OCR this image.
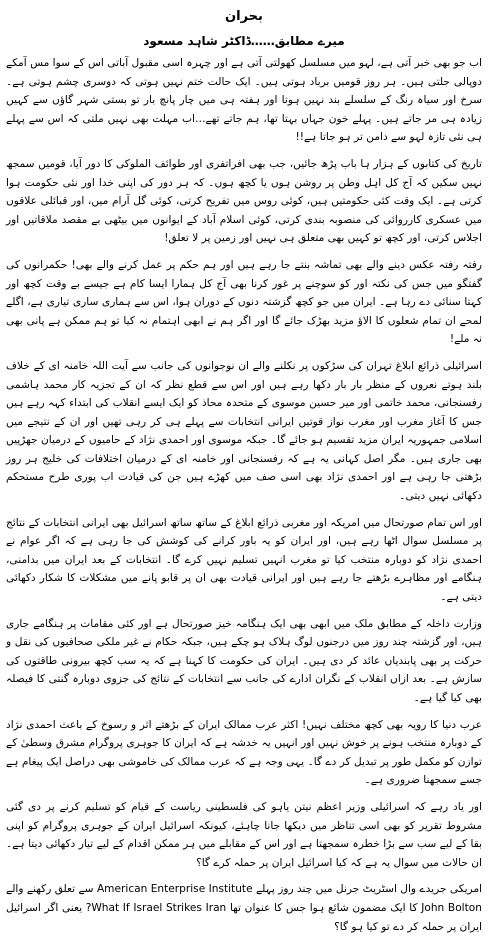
بحران
میرے مطابق……ڈاکٹر شاہد مسعود

اب جو بھی خبر آتی ہے، لہو میں مسلسل کھولتی آتی ہے اور چہرہ اسی مقبول آباتی اس کے سوا مس آمکے دوپالی جلتی ہیں۔ ہر روز قومیں برباد ہوتی ہیں۔ ایک حالت ختم نہیں ہوتی کہ دوسری چشم ہوتی ہے۔ سرخ اور سیاہ رنگ کے سلسلے بند نہیں ہوتا اور ہفتہ ہی میں چار پانچ بار تو بستی شہر گاؤں سے کہیں زیادہ ہی مر جاتے ہیں۔ پہلے خون جہاں بہتا تھا، ہم جاتے تھے…اب مہلت بھی نہیں ملتی کہ اس سے پہلے ہی نئی تازہ لہو سے دامن تر ہو جاتا ہے!!

تاریخ کی کتابوں کے ہزار ہا باب پڑھ جائیں، جب بھی افراتفری اور طوائف الملوکی کا دور آیا، قومیں سمجھ نہیں سکیں کہ آج کل اہل وطن پر روشن ہوں یا کچھ ہوں۔ کہ ہر دور کی اپنی خدا اور نئی حکومت ہوا کرتی ہے۔ ایک وقت کئی حکومتیں ہیں، کوئی روس میں تفریح کرتی، کوئی گل آرام میں، اور قبائلی علاقوں میں عسکری کارروائی کی منصوبہ بندی کرتی، کوئی اسلام آباد کے ایوانوں میں بیٹھی بے مقصد ملاقاتیں اور اجلاس کرتی، اور کچھ تو کہیں بھی متعلق ہی نہیں اور زمین پر لا تعلق!

رفتہ رفتہ عکس دینے والے بھی تماشہ بنتے جا رہے ہیں اور ہم حکم پر عمل کرنے والے بھی! حکمرانوں کی گفتگو میں جس کی نکتہ اور کو سوچنے پر غور کرنا بھی آج کل ہمارا ایسا کام ہے جیسے بے وقت کچھ اور کہتا سنائی دے رہا ہے۔ ایران میں جو کچھ گزشتہ دنوں کے دوران ہوا، اس سے ہماری ساری تیاری ہے، اگلے لمحے ان تمام شعلوں کا الاؤ مزید بھڑک جائے گا اور اگر ہم نے ابھی اہتمام نہ کیا تو ہم ممکن ہے پانی بھی نہ ملے!

اسرائیلی ذرائع ابلاغ تہران کی سڑکوں پر نکلنے والے ان نوجوانوں کی جانب سے آیت اللہ خامنہ ای کے خلاف بلند ہوتے نعروں کے منظر بار بار دکھا رہے ہیں اور اس سے قطع نظر کہ ان کے تجزیہ کار محمد ہاشمی رفسنجانی، محمد خاتمی اور میر حسین موسوی کے متحدہ محاذ کو ایک ایسے انقلاب کی ابتداء کہہ رہے ہیں جس کا آغاز مغرب اور مغرب نواز قوتیں ایرانی انتخابات سے پہلے ہی کر رہی تھیں اور ان کے نتیجے میں اسلامی جمہوریہ ایران مزید تقسیم ہو جائے گا۔ جبکہ موسوی اور احمدی نژاد کے حامیوں کے درمیان جھڑپیں بھی جاری ہیں۔ مگر اصل کہانی یہ ہے کہ رفسنجانی اور خامنہ ای کے درمیان اختلافات کی خلیج ہر روز بڑھتی جا رہی ہے اور احمدی نژاد بھی اسی صف میں کھڑے ہیں جن کی قیادت اب پوری طرح مستحکم دکھائی نہیں دیتی۔

اور اس تمام صورتحال میں امریکہ اور مغربی ذرائع ابلاغ کے ساتھ ساتھ اسرائیل بھی ایرانی انتخابات کے نتائج پر مسلسل سوال اٹھا رہے ہیں، اور ایران کو یہ باور کرانے کی کوشش کی جا رہی ہے کہ اگر عوام نے احمدی نژاد کو دوبارہ منتخب کیا تو مغرب انہیں تسلیم نہیں کرے گا۔ انتخابات کے بعد ایران میں بدامنی، ہنگامے اور مظاہرے بڑھتے جا رہے ہیں اور ایرانی قیادت بھی ان پر قابو پانے میں مشکلات کا شکار دکھائی دیتی ہے۔

وزارت داخلہ کے مطابق ملک میں ابھی بھی ایک ہنگامہ خیز صورتحال ہے اور کئی مقامات پر ہنگامے جاری ہیں، اور گزشتہ چند روز میں درجنوں لوگ ہلاک ہو چکے ہیں، جبکہ حکام نے غیر ملکی صحافیوں کی نقل و حرکت پر بھی پابندیاں عائد کر دی ہیں۔ ایران کی حکومت کا کہنا ہے کہ یہ سب کچھ بیرونی طاقتوں کی سازش ہے۔ بعد ازاں انقلاب کے نگران ادارے کی جانب سے انتخابات کے نتائج کی جزوی دوبارہ گنتی کا فیصلہ بھی کیا گیا ہے۔

عرب دنیا کا رویہ بھی کچھ مختلف نہیں! اکثر عرب ممالک ایران کے بڑھتے اثر و رسوخ کے باعث احمدی نژاد کے دوبارہ منتخب ہونے پر خوش نہیں اور انہیں یہ خدشہ ہے کہ ایران کا جوہری پروگرام مشرق وسطیٰ کے توازن کو مکمل طور پر تبدیل کر دے گا۔ یہی وجہ ہے کہ عرب ممالک کی خاموشی بھی دراصل ایک پیغام ہے جسے سمجھنا ضروری ہے۔

اور یاد رہے کہ اسرائیلی وزیر اعظم نیتن یاہو کی فلسطینی ریاست کے قیام کو تسلیم کرنے پر دی گئی مشروط تقریر کو بھی اسی تناظر میں دیکھا جانا چاہئے، کیونکہ اسرائیل ایران کے جوہری پروگرام کو اپنی بقا کے لیے سب سے بڑا خطرہ سمجھتا ہے اور اس کے مقابلے میں ہر ممکن اقدام کے لیے تیار دکھائی دیتا ہے۔ ان حالات میں سوال یہ ہے کہ کیا اسرائیل ایران پر حملہ کرے گا؟

امریکی جریدے وال اسٹریٹ جرنل میں چند روز پہلے American Enterprise Institute سے تعلق رکھنے والے John Bolton کا ایک مضمون شائع ہوا جس کا عنوان تھا What If Israel Strikes Iran? یعنی اگر اسرائیل ایران پر حملہ کر دے تو کیا ہو گا؟
